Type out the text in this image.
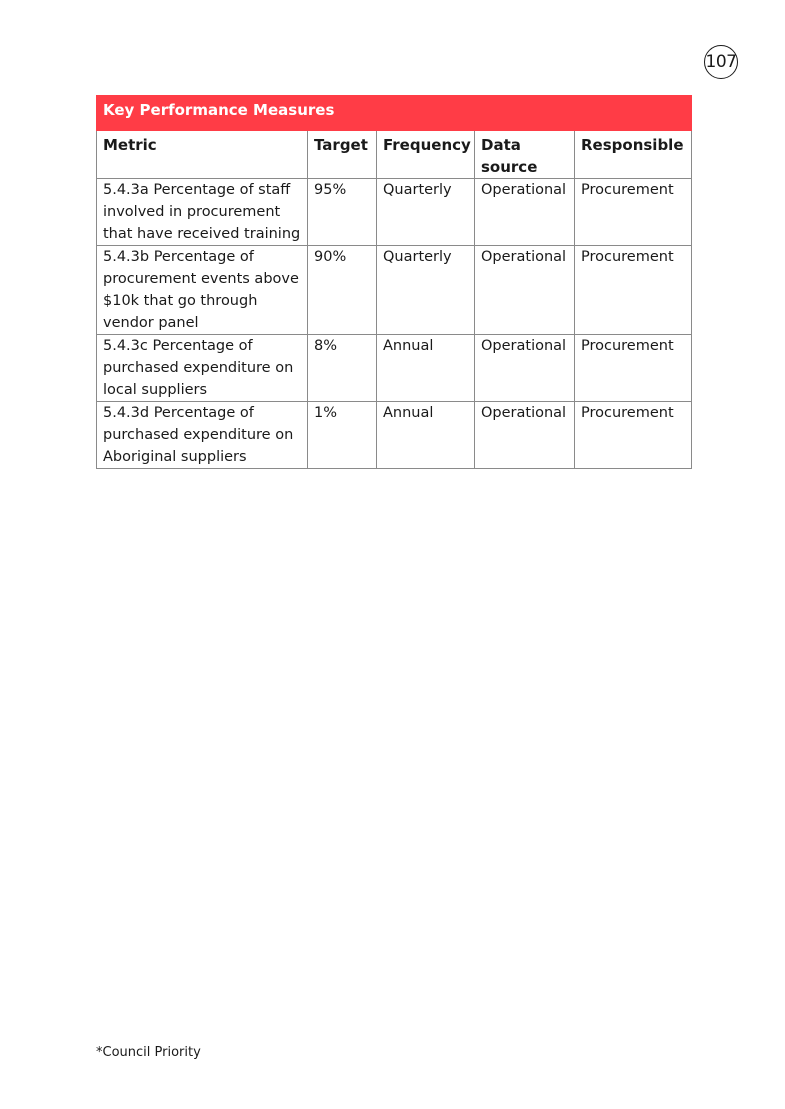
107
Key Performance Measures				
Metric	Target	Frequency	Data source	Responsible
5.4.3a Percentage of staff involved in procurement that have received training	95%	Quarterly	Operational	Procurement
5.4.3b Percentage of procurement events above $10k that go through vendor panel	90%	Quarterly	Operational	Procurement
5.4.3c Percentage of purchased expenditure on local suppliers	8%	Annual	Operational	Procurement
5.4.3d Percentage of purchased expenditure on Aboriginal suppliers	1%	Annual	Operational	Procurement
*Council Priority
